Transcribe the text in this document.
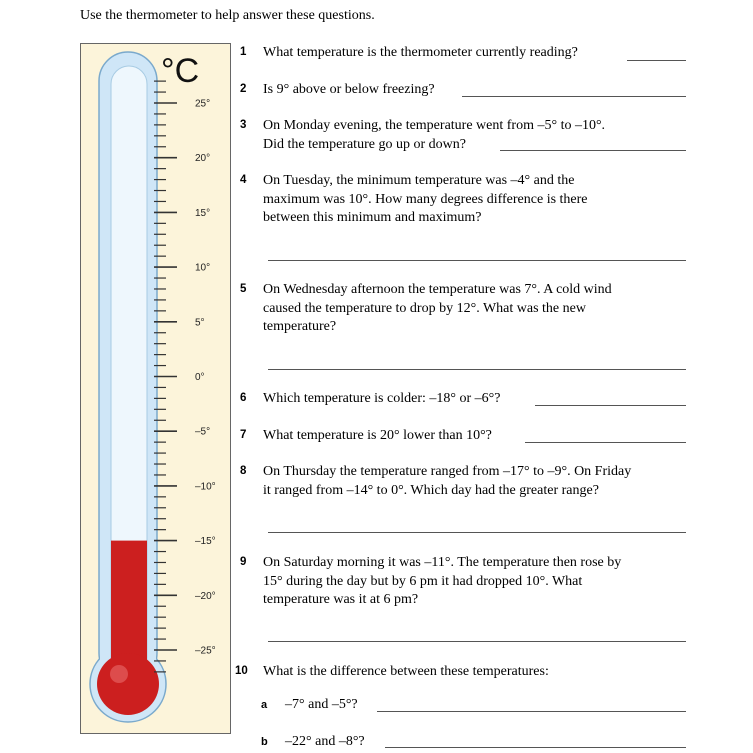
Use the thermometer to help answer these questions.
25°
20°
15°
10°
5°
0°
–5°
–10°
–15°
–20°
–25°
°C	1 What temperature is the thermometer currently reading?
2 Is 9° above or below freezing?
3 On Monday evening, the temperature went from –5° to –10°.
Did the temperature go up or down?
4 On Tuesday, the minimum temperature was –4° and the
maximum was 10°. How many degrees difference is there
between this minimum and maximum?
5 On Wednesday afternoon the temperature was 7°. A cold wind
caused the temperature to drop by 12°. What was the new
temperature?
6 Which temperature is colder: –18° or –6°?
7 What temperature is 20° lower than 10°?
8 On Thursday the temperature ranged from –17° to –9°. On Friday
it ranged from –14° to 0°. Which day had the greater range?
9 On Saturday morning it was –11°. The temperature then rose by
15° during the day but by 6 pm it had dropped 10°. What
temperature was it at 6 pm?
10 What is the difference between these temperatures:
a –7° and –5°?
b –22° and –8°?
